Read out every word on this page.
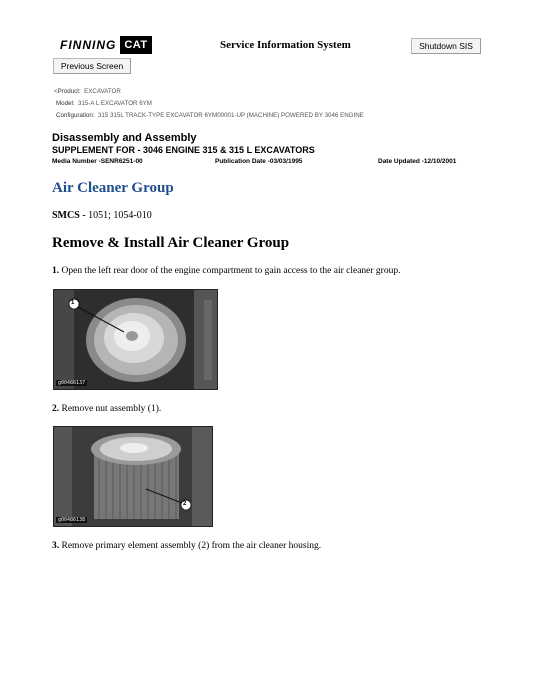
FINNING CAT	Service Information System	Shutdown SIS
Previous Screen
<Product: EXCAVATOR
Model: 315-A L EXCAVATOR 6YM
Configuration: 315 315L TRACK-TYPE EXCAVATOR 6YM00001-UP (MACHINE) POWERED BY 3046 ENGINE
Disassembly and Assembly
SUPPLEMENT FOR - 3046 ENGINE 315 & 315 L EXCAVATORS
Media Number -SENR6251-00	Publication Date -03/03/1995	Date Updated -12/10/2001
Air Cleaner Group
SMCS - 1051; 1054-010
Remove & Install Air Cleaner Group
1. Open the left rear door of the engine compartment to gain access to the air cleaner group.
1
g00486137
2. Remove nut assembly (1).
2
g00486138
3. Remove primary element assembly (2) from the air cleaner housing.
